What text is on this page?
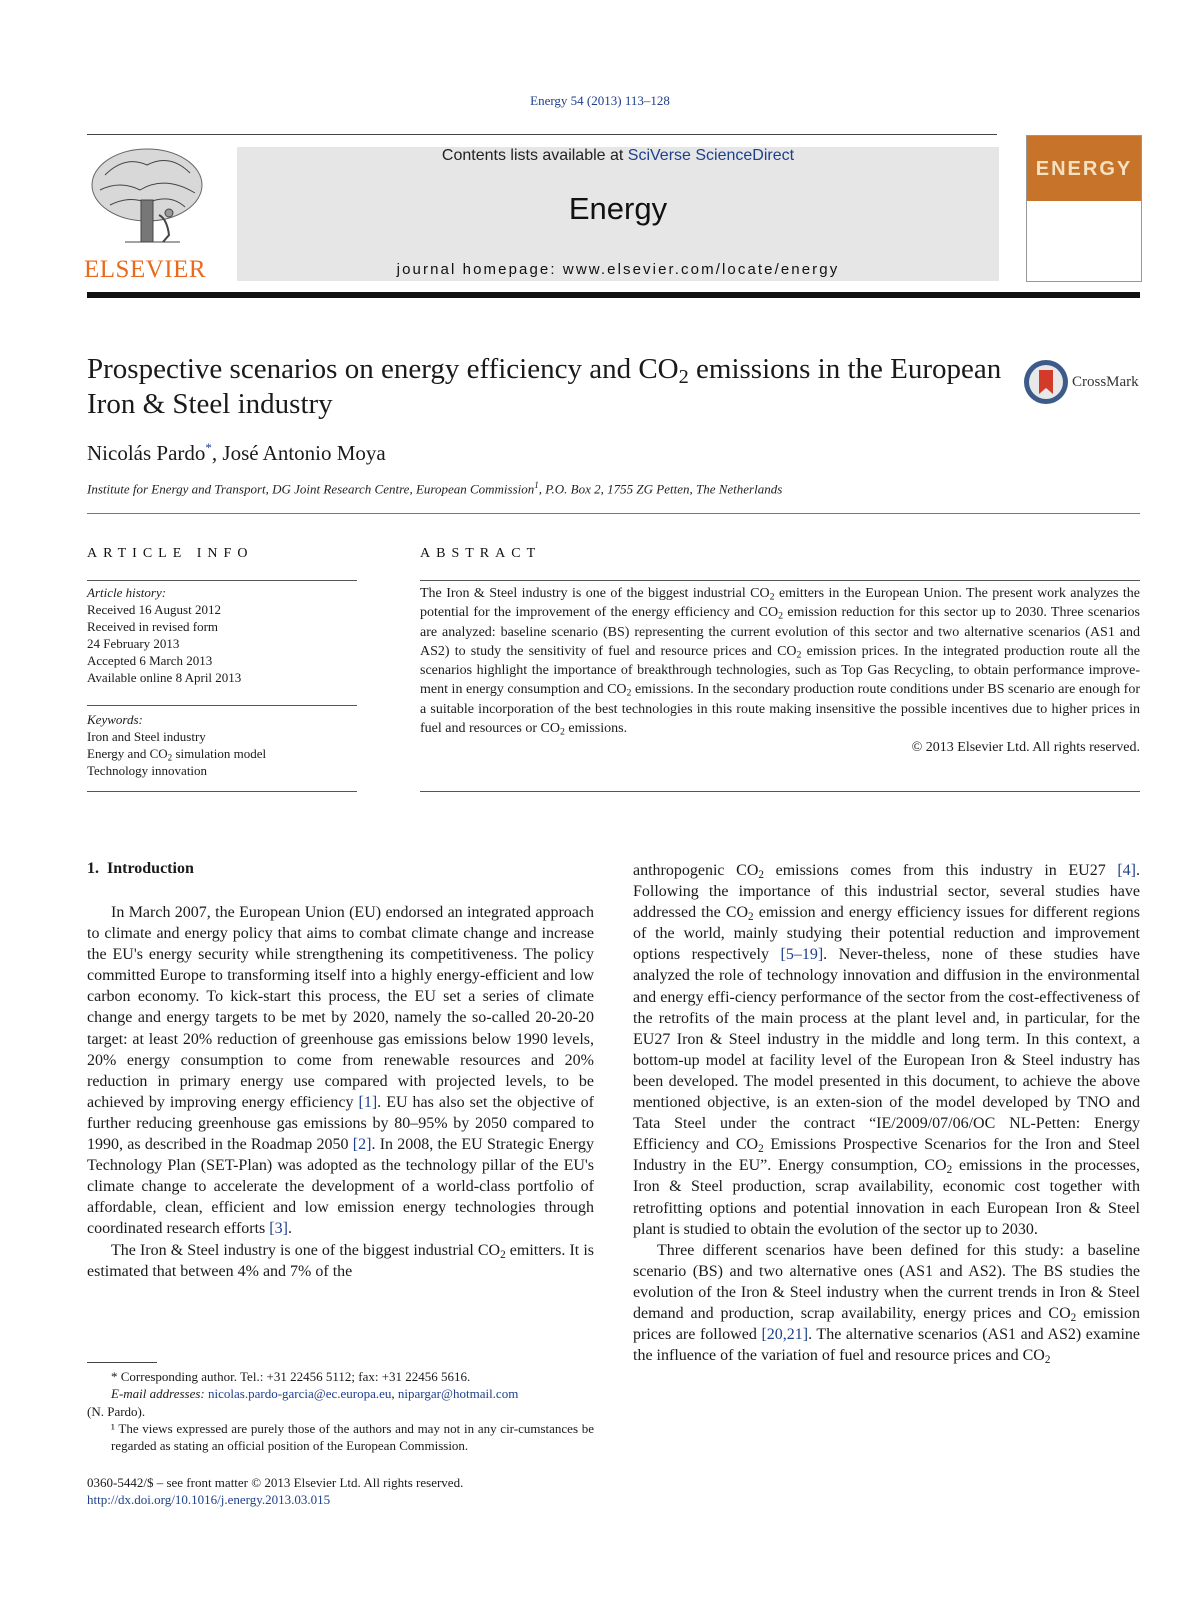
Energy 54 (2013) 113–128
ELSEVIER
Contents lists available at SciVerse ScienceDirect
Energy
journal homepage: www.elsevier.com/locate/energy
ENERGY
Prospective scenarios on energy efficiency and $CO_2$ emissions in the European Iron & Steel industry
CrossMark
Nicolás Pardo*, José Antonio Moya
Institute for Energy and Transport, DG Joint Research Centre, European Commission$^1$, P.O. Box 2, 1755 ZG Petten, The Netherlands
ARTICLE INFO
Article history:
Received 16 August 2012
Received in revised form
24 February 2013
Accepted 6 March 2013
Available online 8 April 2013
Keywords:
Iron and Steel industry
Energy and $CO_2$ simulation model
Technology innovation
ABSTRACT
The Iron & Steel industry is one of the biggest industrial $CO_2$ emitters in the European Union. The present work analyzes the potential for the improvement of the energy efficiency and $CO_2$ emission reduction for this sector up to 2030. Three scenarios are analyzed: baseline scenario (BS) representing the current evolution of this sector and two alternative scenarios (AS1 and AS2) to study the sensitivity of fuel and resource prices and $CO_2$ emission prices. In the integrated production route all the scenarios highlight the importance of breakthrough technologies, such as Top Gas Recycling, to obtain performance improve-ment in energy consumption and $CO_2$ emissions. In the secondary production route conditions under BS scenario are enough for a suitable incorporation of the best technologies in this route making insensitive the possible incentives due to higher prices in fuel and resources or $CO_2$ emissions.
© 2013 Elsevier Ltd. All rights reserved.
1. Introduction

In March 2007, the European Union (EU) endorsed an integrated approach to climate and energy policy that aims to combat climate change and increase the EU's energy security while strengthening its competitiveness. The policy committed Europe to transforming itself into a highly energy-efficient and low carbon economy. To kick-start this process, the EU set a series of climate change and energy targets to be met by 2020, namely the so-called 20-20-20 target: at least 20% reduction of greenhouse gas emissions below 1990 levels, 20% energy consumption to come from renewable resources and 20% reduction in primary energy use compared with projected levels, to be achieved by improving energy efficiency [1]. EU has also set the objective of further reducing greenhouse gas emissions by 80–95% by 2050 compared to 1990, as described in the Roadmap 2050 [2]. In 2008, the EU Strategic Energy Technology Plan (SET-Plan) was adopted as the technology pillar of the EU's climate change to accelerate the development of a world-class portfolio of affordable, clean, efficient and low emission energy technologies through coordinated research efforts [3].

The Iron & Steel industry is one of the biggest industrial $CO_2$ emitters. It is estimated that between 4% and 7% of the

anthropogenic $CO_2$ emissions comes from this industry in EU27 [4]. Following the importance of this industrial sector, several studies have addressed the $CO_2$ emission and energy efficiency issues for different regions of the world, mainly studying their potential reduction and improvement options respectively [5–19]. Never-theless, none of these studies have analyzed the role of technology innovation and diffusion in the environmental and energy effi-ciency performance of the sector from the cost-effectiveness of the retrofits of the main process at the plant level and, in particular, for the EU27 Iron & Steel industry in the middle and long term. In this context, a bottom-up model at facility level of the European Iron & Steel industry has been developed. The model presented in this document, to achieve the above mentioned objective, is an exten-sion of the model developed by TNO and Tata Steel under the contract “IE/2009/07/06/OC NL-Petten: Energy Efficiency and $CO_2$ Emissions Prospective Scenarios for the Iron and Steel Industry in the EU”. Energy consumption, $CO_2$ emissions in the processes, Iron & Steel production, scrap availability, economic cost together with retrofitting options and potential innovation in each European Iron & Steel plant is studied to obtain the evolution of the sector up to 2030.

Three different scenarios have been defined for this study: a baseline scenario (BS) and two alternative ones (AS1 and AS2). The BS studies the evolution of the Iron & Steel industry when the current trends in Iron & Steel demand and production, scrap availability, energy prices and $CO_2$ emission prices are followed [20,21]. The alternative scenarios (AS1 and AS2) examine the influence of the variation of fuel and resource prices and $CO_2$

* Corresponding author. Tel.: +31 22456 5112; fax: +31 22456 5616.

E-mail addresses: nicolas.pardo-garcia@ec.europa.eu, nipargar@hotmail.com

(N. Pardo).

¹ The views expressed are purely those of the authors and may not in any cir-cumstances be regarded as stating an official position of the European Commission.

0360-5442/$ – see front matter © 2013 Elsevier Ltd. All rights reserved.
http://dx.doi.org/10.1016/j.energy.2013.03.015
